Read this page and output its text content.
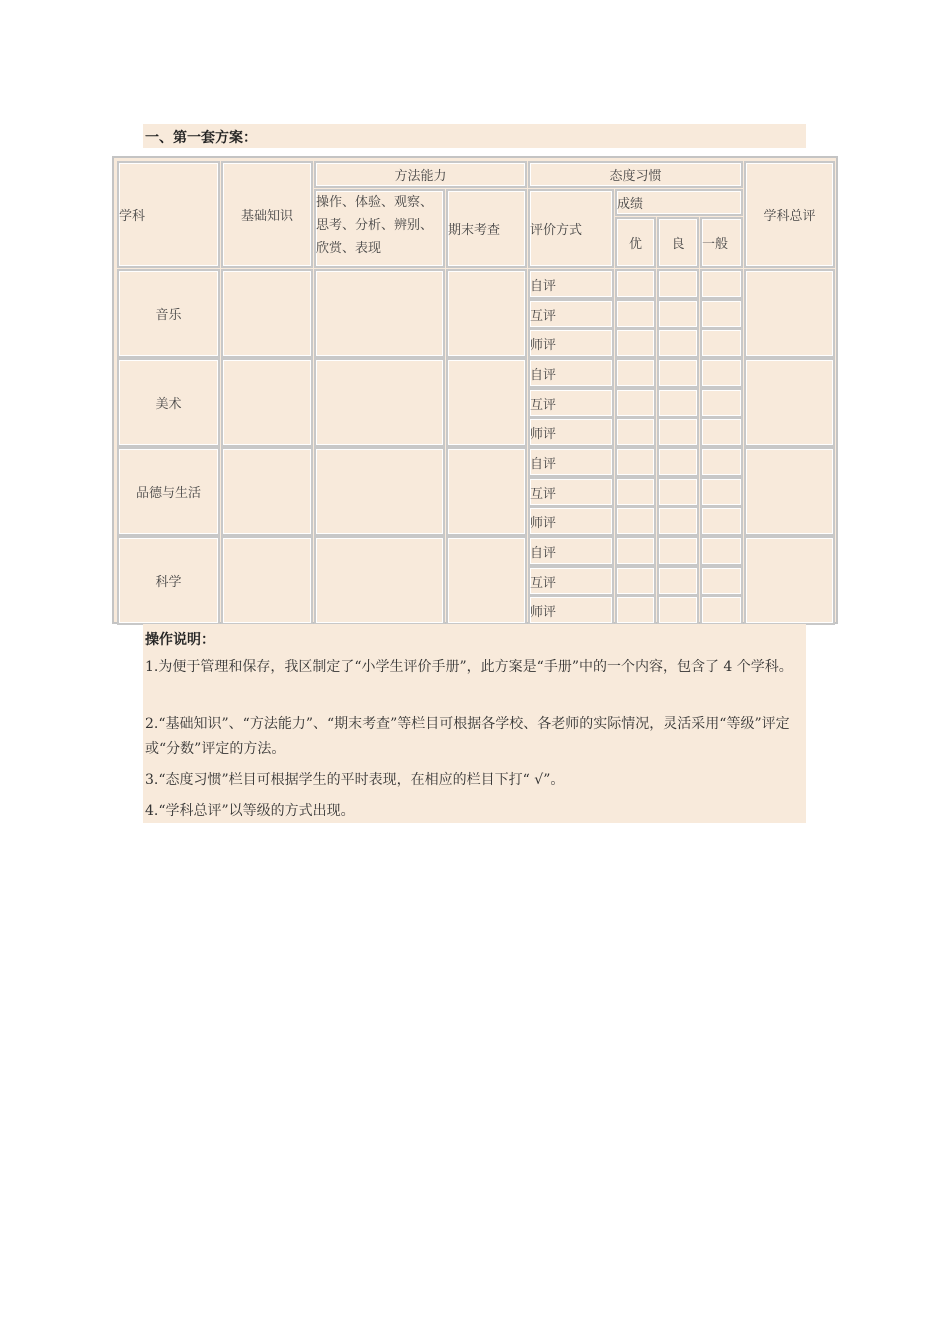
一、第一套方案：
学科	基础知识
方法能力
操作、体验、观察、思考、分析、辨别、欣赏、表现
期末考查
态度习惯
评价方式
成绩
优 良 一般
学科总评
音乐
自评
互评
师评
美术
自评
互评
师评
品德与生活
自评
互评
师评
科学
自评
互评
师评
操作说明：
1.为便于管理和保存，我区制定了“小学生评价手册”，此方案是“手册”中的一个内容，包含了 4 个学科。
2.“基础知识”、“方法能力”、“期末考查”等栏目可根据各学校、各老师的实际情况，灵活采用“等级”评定或“分数”评定的方法。
3.“态度习惯”栏目可根据学生的平时表现，在相应的栏目下打“ √”。
4.“学科总评”以等级的方式出现。
